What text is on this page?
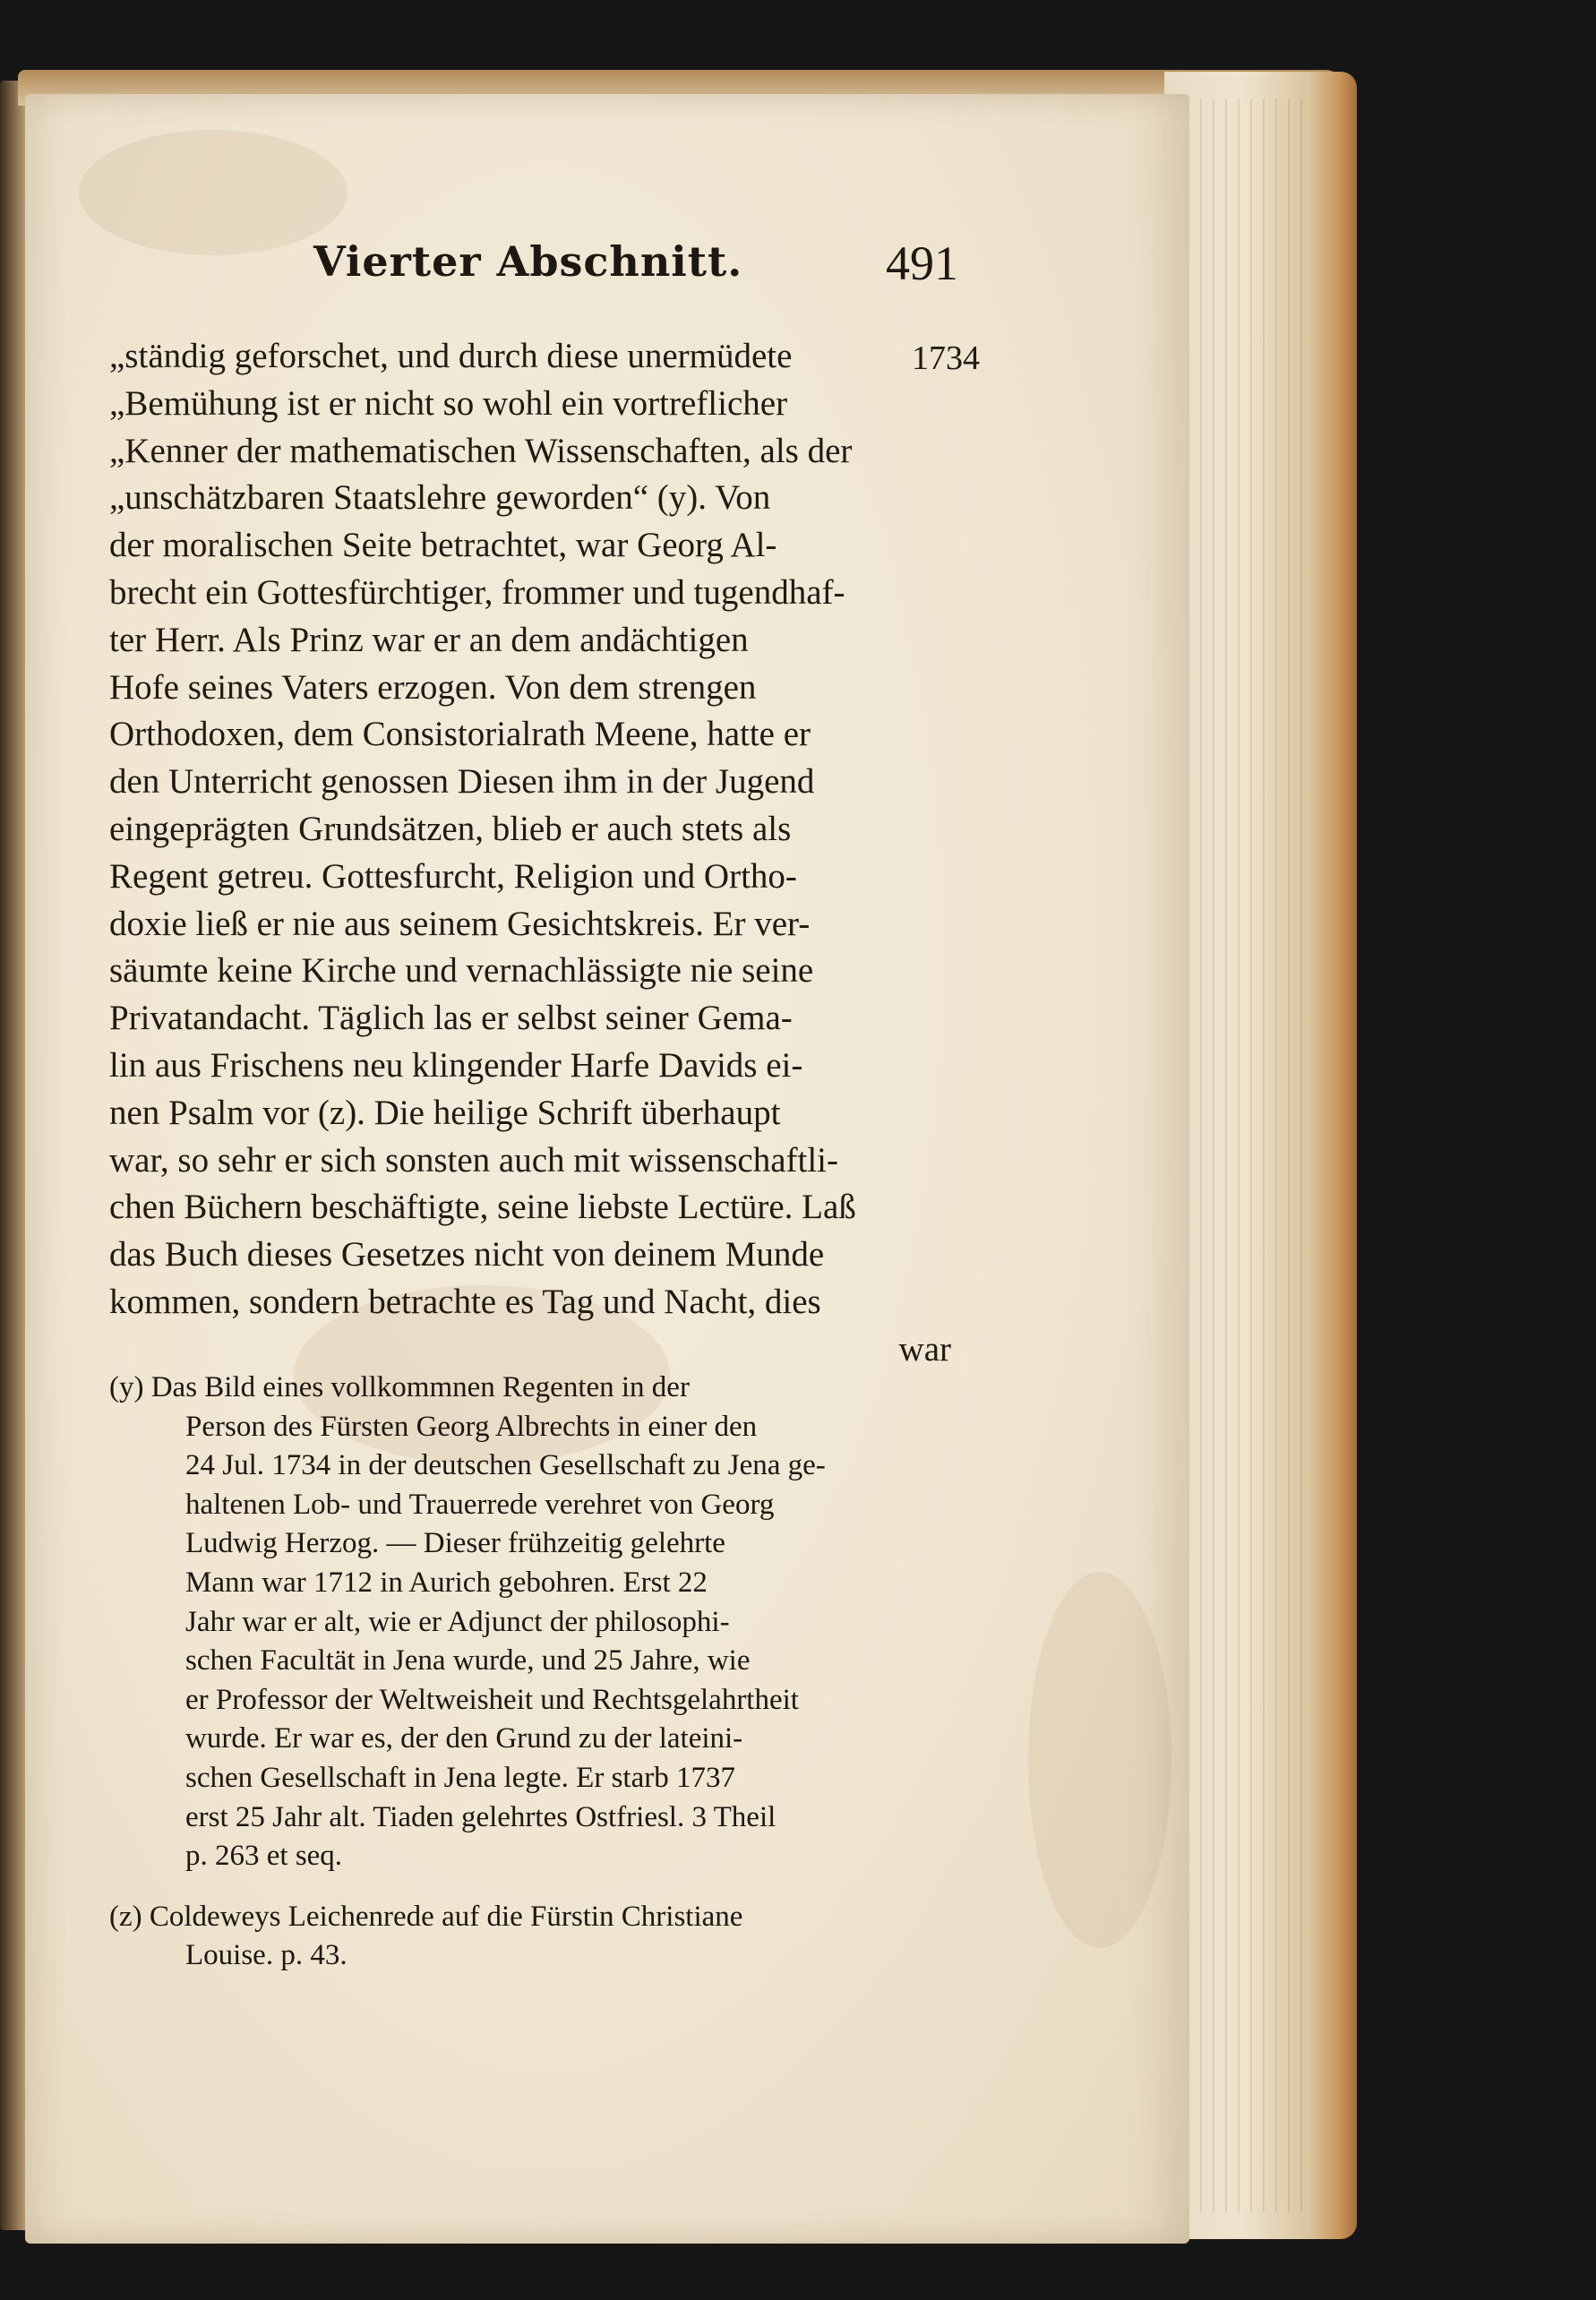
Vierter Abschnitt.	491
1734
„ständig geforschet, und durch diese unermüdete
„Bemühung ist er nicht so wohl ein vortreflicher
„Kenner der mathematischen Wissenschaften, als der
„unschätzbaren Staatslehre geworden“ (y). Von
der moralischen Seite betrachtet, war Georg Al-
brecht ein Gottesfürchtiger, frommer und tugendhaf-
ter Herr. Als Prinz war er an dem andächtigen
Hofe seines Vaters erzogen. Von dem strengen
Orthodoxen, dem Consistorialrath Meene, hatte er
den Unterricht genossen Diesen ihm in der Jugend
eingeprägten Grundsätzen, blieb er auch stets als
Regent getreu. Gottesfurcht, Religion und Ortho-
doxie ließ er nie aus seinem Gesichtskreis. Er ver-
säumte keine Kirche und vernachlässigte nie seine
Privatandacht. Täglich las er selbst seiner Gema-
lin aus Frischens neu klingender Harfe Davids ei-
nen Psalm vor (z). Die heilige Schrift überhaupt
war, so sehr er sich sonsten auch mit wissenschaftli-
chen Büchern beschäftigte, seine liebste Lectüre. Laß
das Buch dieses Gesetzes nicht von deinem Munde
kommen, sondern betrachte es Tag und Nacht, dies
war
(y) Das Bild eines vollkommnen Regenten in der
Person des Fürsten Georg Albrechts in einer den
24 Jul. 1734 in der deutschen Gesellschaft zu Jena ge-
haltenen Lob- und Trauerrede verehret von Georg
Ludwig Herzog. — Dieser frühzeitig gelehrte
Mann war 1712 in Aurich gebohren. Erst 22
Jahr war er alt, wie er Adjunct der philosophi-
schen Facultät in Jena wurde, und 25 Jahre, wie
er Professor der Weltweisheit und Rechtsgelahrtheit
wurde. Er war es, der den Grund zu der lateini-
schen Gesellschaft in Jena legte. Er starb 1737
erst 25 Jahr alt. Tiaden gelehrtes Ostfriesl. 3 Theil
p. 263 et seq.
(z) Coldeweys Leichenrede auf die Fürstin Christiane
Louise. p. 43.
